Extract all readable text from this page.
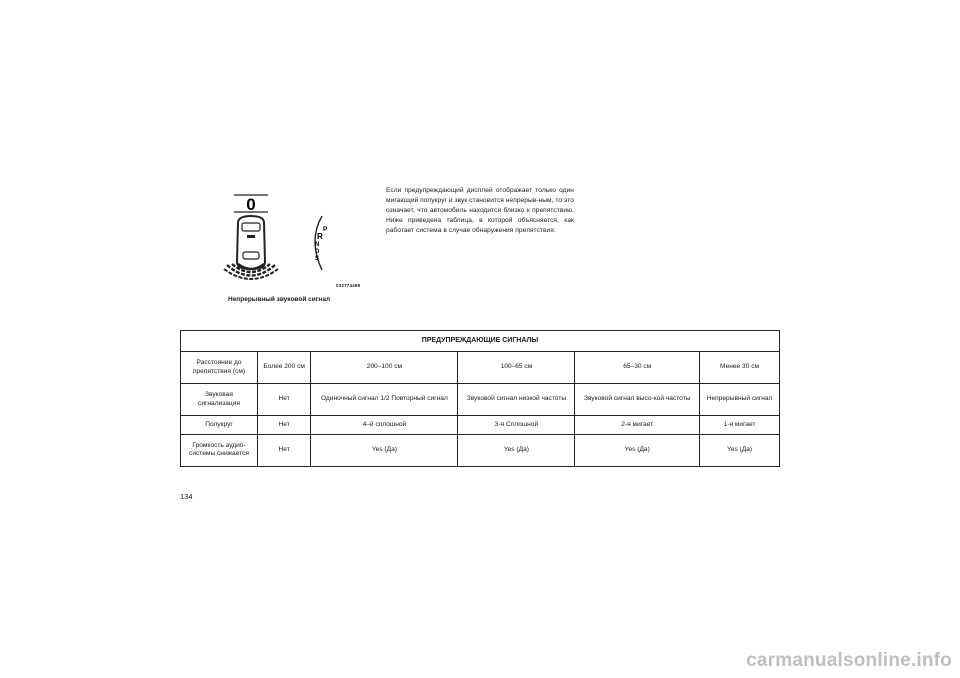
0
P
R
N
D
S
032774499
Непрерывный звуковой сигнал
Если предупреждающий дисплей отображает только один мигающий полукруг и звук становится непрерыв-ным, то это означает, что автомобиль находится близко к препятствию. Ниже приведена таблица, в которой объясняется, как работает система в случае обнаружения препятствия:
ПРЕДУПРЕЖДАЮЩИЕ СИГНАЛЫ					
Расстояние до препятствия (см)	Более 200 см	200–100 см	100–65 см	65–30 см	Менее 30 см
Звуковая сигнализация	Нет	Одиночный сигнал 1/2 Повторный сигнал	Звуковой сигнал низкой частоты	Звуковой сигнал высо-кой частоты	Непрерывный сигнал
Полукруг	Нет	4–й сплошной	3-я Сплошной	2-я мигает	1-я мигает
Громкость аудио-системы снижается	Нет	Yes (Да)	Yes (Да)	Yes (Да)	Yes (Да)
134
carmanualsonline.info
